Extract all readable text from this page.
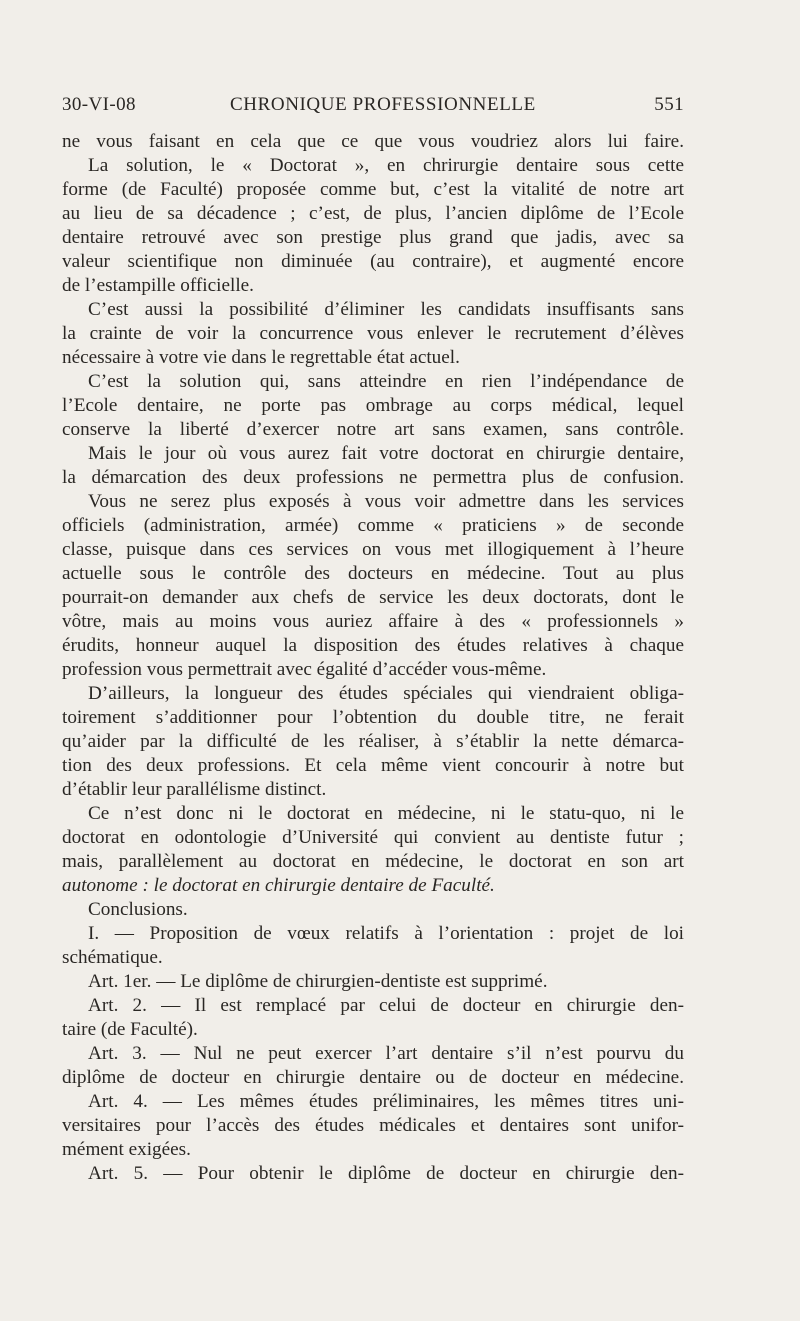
30-VI-08	CHRONIQUE PROFESSIONNELLE	551
ne vous faisant en cela que ce que vous voudriez alors lui faire.
La solution, le « Doctorat », en chrirurgie dentaire sous cette
forme (de Faculté) proposée comme but, c’est la vitalité de notre art
au lieu de sa décadence ; c’est, de plus, l’ancien diplôme de l’Ecole
dentaire retrouvé avec son prestige plus grand que jadis, avec sa
valeur scientifique non diminuée (au contraire), et augmenté encore
de l’estampille officielle.
C’est aussi la possibilité d’éliminer les candidats insuffisants sans
la crainte de voir la concurrence vous enlever le recrutement d’élèves
nécessaire à votre vie dans le regrettable état actuel.
C’est la solution qui, sans atteindre en rien l’indépendance de
l’Ecole dentaire, ne porte pas ombrage au corps médical, lequel
conserve la liberté d’exercer notre art sans examen, sans contrôle.
Mais le jour où vous aurez fait votre doctorat en chirurgie dentaire,
la démarcation des deux professions ne permettra plus de confusion.
Vous ne serez plus exposés à vous voir admettre dans les services
officiels (administration, armée) comme « praticiens » de seconde
classe, puisque dans ces services on vous met illogiquement à l’heure
actuelle sous le contrôle des docteurs en médecine. Tout au plus
pourrait-on demander aux chefs de service les deux doctorats, dont le
vôtre, mais au moins vous auriez affaire à des « professionnels »
érudits, honneur auquel la disposition des études relatives à chaque
profession vous permettrait avec égalité d’accéder vous-même.
D’ailleurs, la longueur des études spéciales qui viendraient obliga-
toirement s’additionner pour l’obtention du double titre, ne ferait
qu’aider par la difficulté de les réaliser, à s’établir la nette démarca-
tion des deux professions. Et cela même vient concourir à notre but
d’établir leur parallélisme distinct.
Ce n’est donc ni le doctorat en médecine, ni le statu-quo, ni le
doctorat en odontologie d’Université qui convient au dentiste futur ;
mais, parallèlement au doctorat en médecine, le doctorat en son art
autonome : le doctorat en chirurgie dentaire de Faculté.
Conclusions.
I. — Proposition de vœux relatifs à l’orientation : projet de loi
schématique.
Art. 1er. — Le diplôme de chirurgien-dentiste est supprimé.
Art. 2. — Il est remplacé par celui de docteur en chirurgie den-
taire (de Faculté).
Art. 3. — Nul ne peut exercer l’art dentaire s’il n’est pourvu du
diplôme de docteur en chirurgie dentaire ou de docteur en médecine.
Art. 4. — Les mêmes études préliminaires, les mêmes titres uni-
versitaires pour l’accès des études médicales et dentaires sont unifor-
mément exigées.
Art. 5. — Pour obtenir le diplôme de docteur en chirurgie den-
